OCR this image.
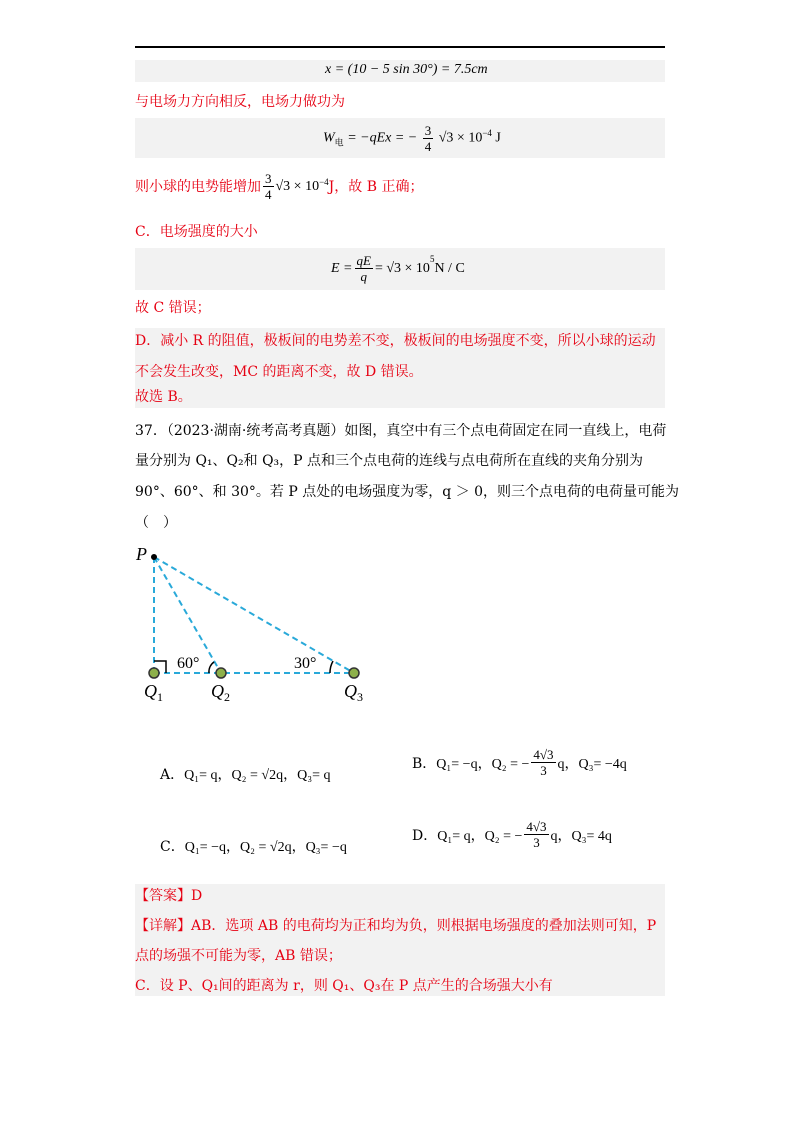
x = (10 − 5 sin 30°) = 7.5cm
与电场力方向相反，电场力做功为
$W_电 = -qEx$ = − $\frac{3}{4} √3 \times 10^{-4}$ J
则小球的电势能增加 $\frac{3}{4} √3 \times 10 -4$ J，故 B 正确；
C．电场强度的大小
$E = \frac{qE}{q} = √3 \times 10$
5
N / C
故 C 错误；
D．减小 R 的阻值，极板间的电势差不变，极板间的电场强度不变，所以小球的运动
不会发生改变，MC 的距离不变，故 D 错误。
故选 B。
37．（2023·湖南·统考高考真题）如图，真空中有三个点电荷固定在同一直线上，电荷
量分别为 Q₁、Q₂和 Q₃，P 点和三个点电荷的连线与点电荷所在直线的夹角分别为
90°、60°、和 30°。若 P 点处的电场强度为零，q ＞ 0，则三个点电荷的电荷量可能为
（　）
P
60°	30°
$Q_1$	$Q_2$	$Q_3$
A．Q₁= q，Q₂ = √2q，Q₃= q
B． Q₁= −q，Q₂ = − $\frac{4√3}{3}$ q，Q₃= −4q
C．Q₁= −q，Q₂ = √2q，Q₃= −q
D． Q₁= q，Q₂ = − $\frac{4√3}{3}$ q，Q₃= 4q
【答案】D
【详解】AB．选项 AB 的电荷均为正和均为负，则根据电场强度的叠加法则可知，P
点的场强不可能为零，AB 错误；
C．设 P、Q₁间的距离为 r，则 Q₁、Q₃在 P 点产生的合场强大小有
